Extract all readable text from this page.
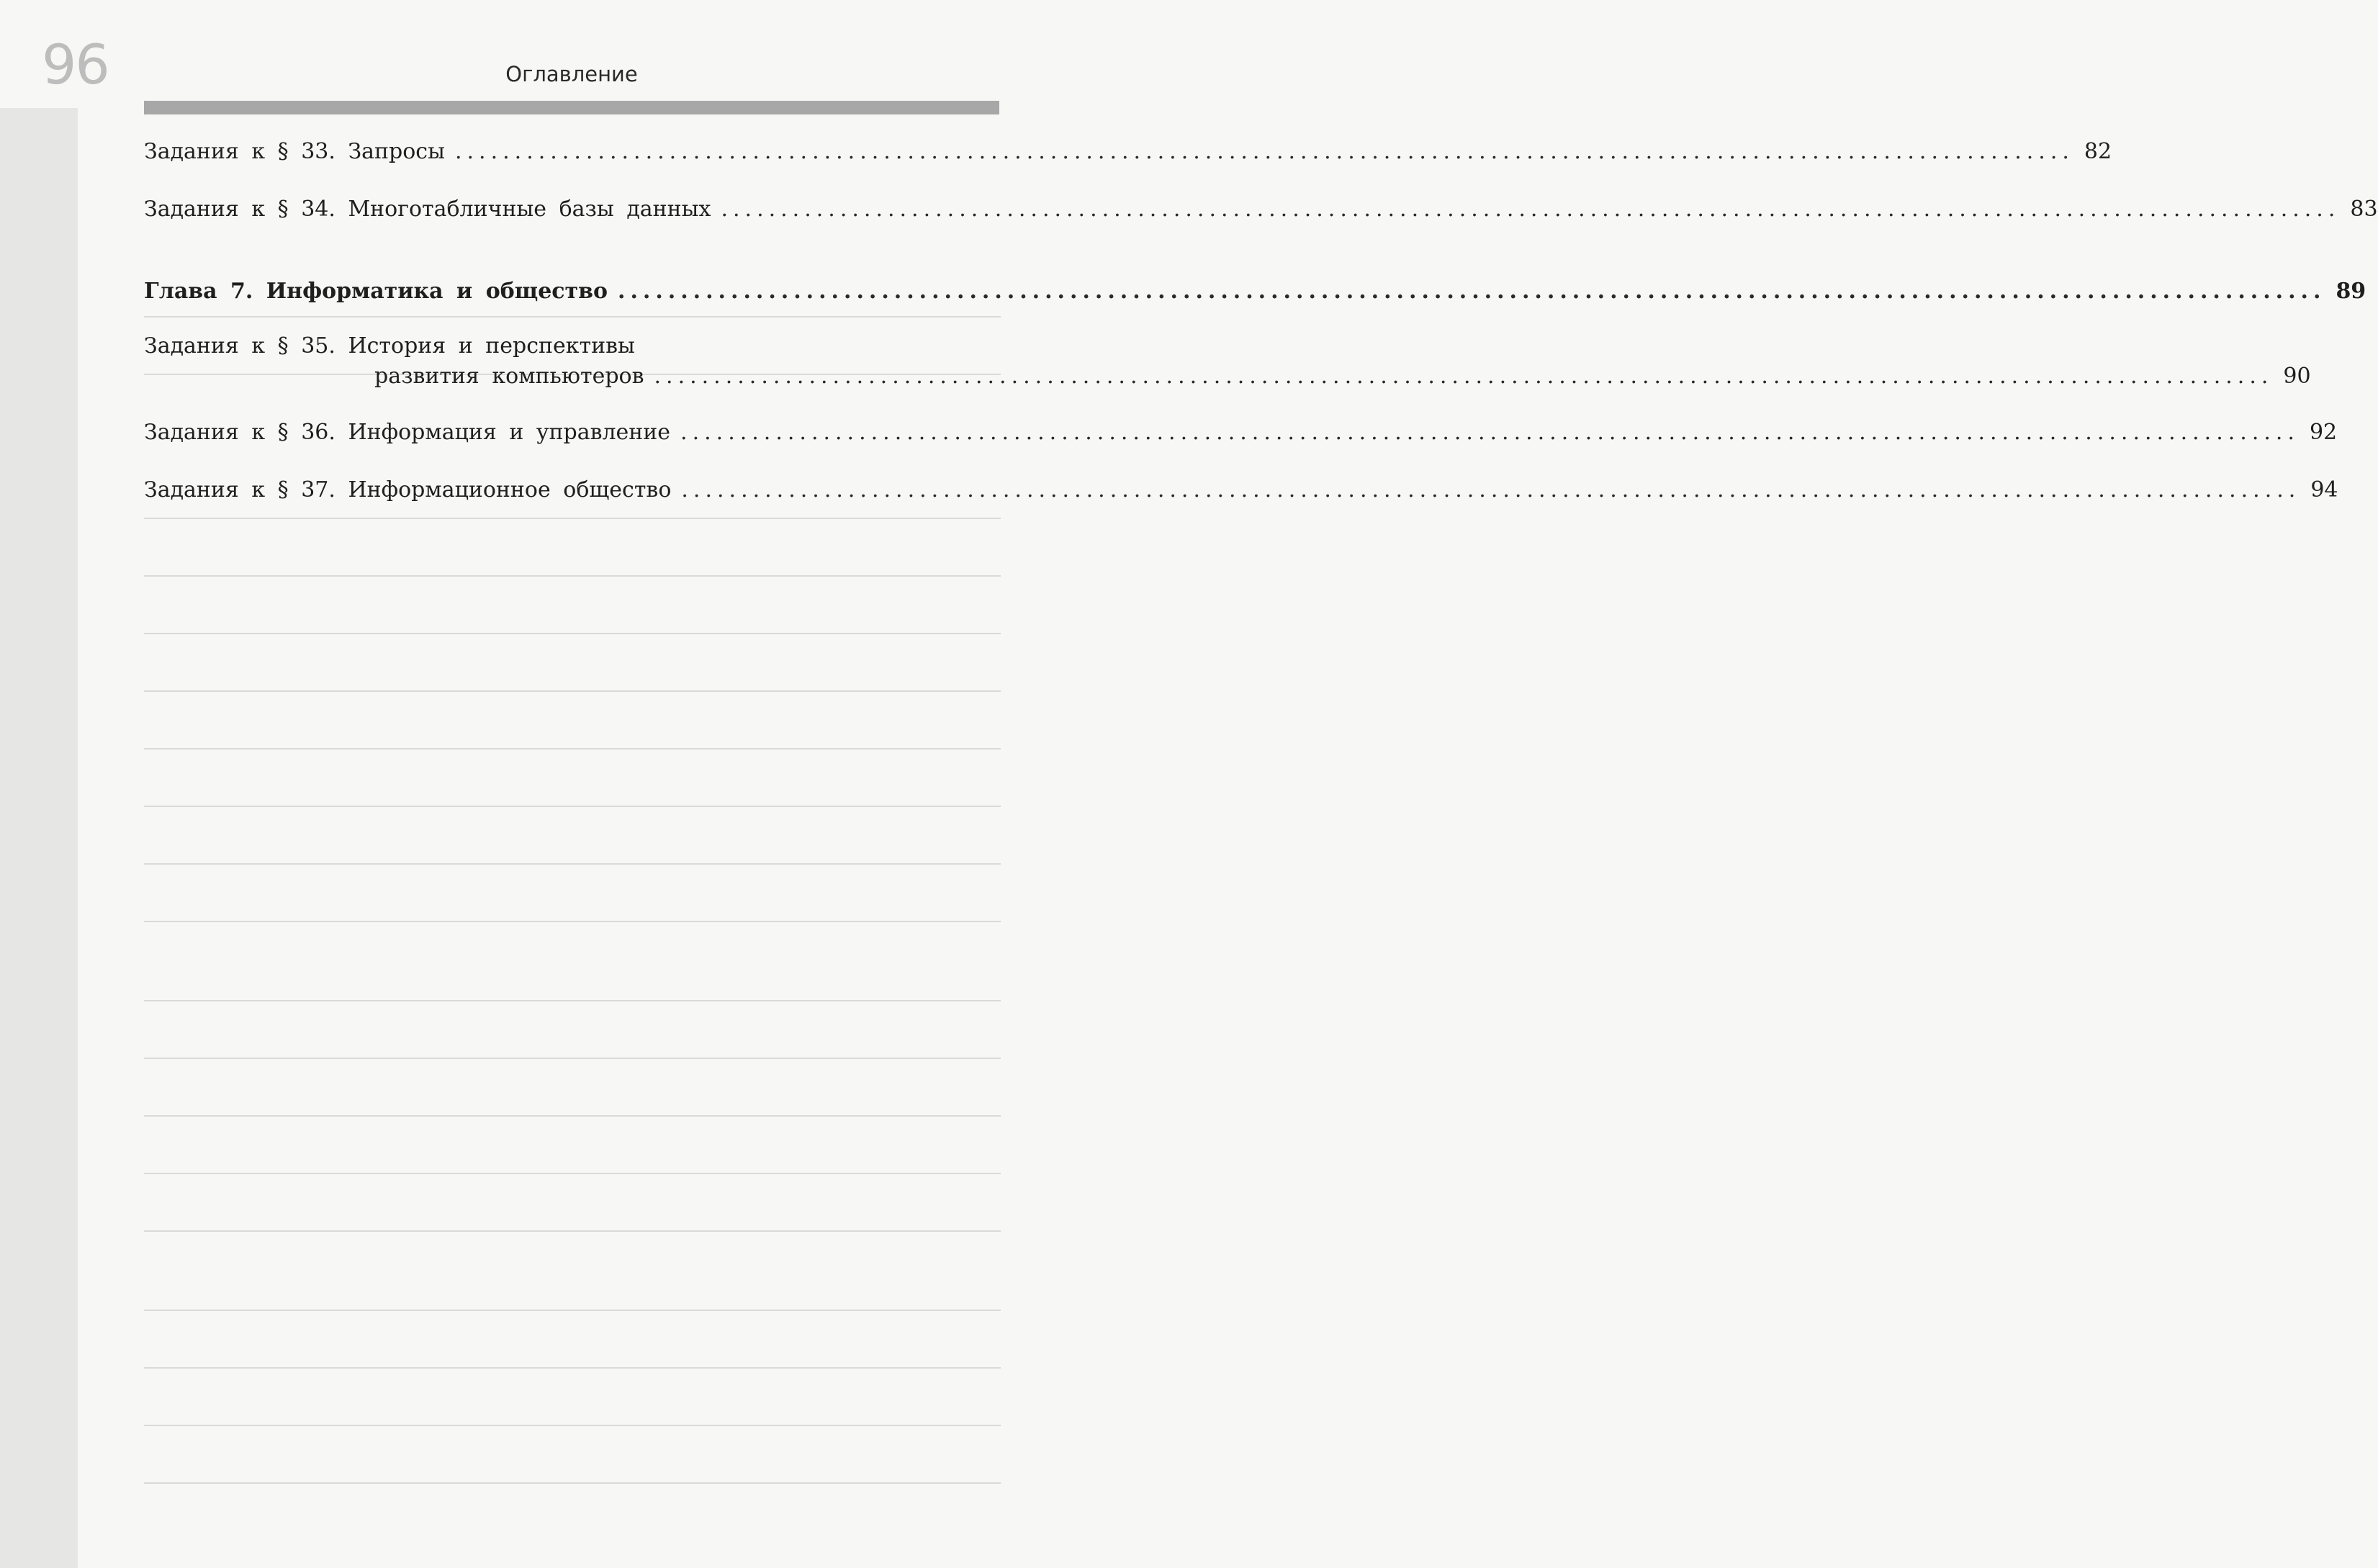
96	Оглавление
Задания к § 33. Запросы ........................................................................................................................................ 82
Задания к § 34. Многотабличные базы данных ........................................................................................................................................ 83
Глава 7. Информатика и общество ........................................................................................................................................ 89
Задания к § 35. История и перспективы
развития компьютеров ........................................................................................................................................ 90
Задания к § 36. Информация и управление ........................................................................................................................................ 92
Задания к § 37. Информационное общество ........................................................................................................................................ 94
